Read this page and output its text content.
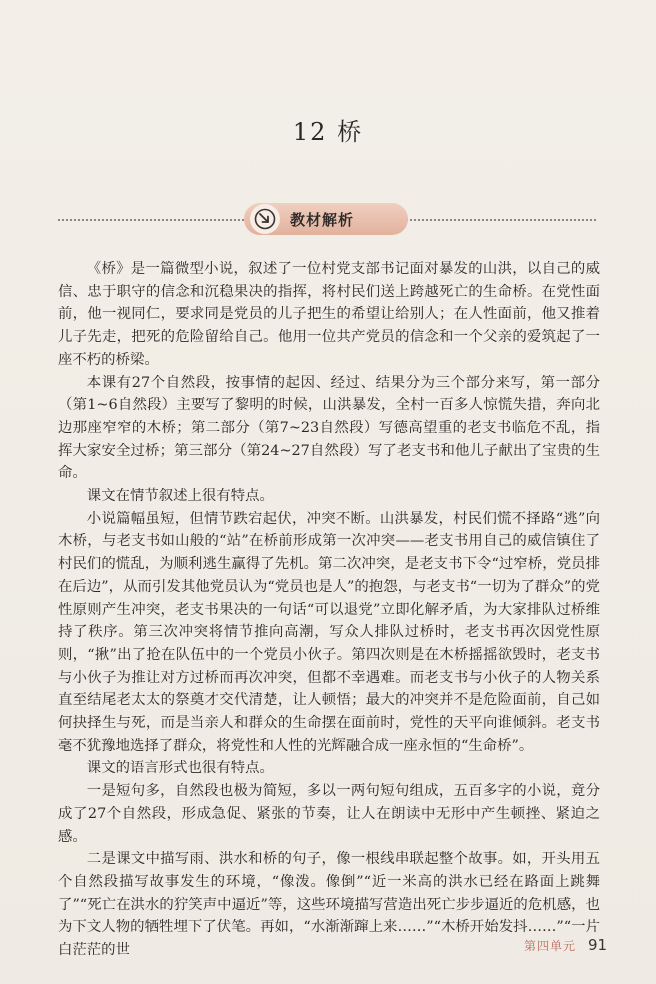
12 桥
教材解析

《桥》是一篇微型小说，叙述了一位村党支部书记面对暴发的山洪，以自己的威信、忠于职守的信念和沉稳果决的指挥，将村民们送上跨越死亡的生命桥。在党性面前，他一视同仁，要求同是党员的儿子把生的希望让给别人；在人性面前，他又推着儿子先走，把死的危险留给自己。他用一位共产党员的信念和一个父亲的爱筑起了一座不朽的桥梁。

本课有27个自然段，按事情的起因、经过、结果分为三个部分来写，第一部分（第1~6自然段）主要写了黎明的时候，山洪暴发，全村一百多人惊慌失措，奔向北边那座窄窄的木桥；第二部分（第7~23自然段）写德高望重的老支书临危不乱，指挥大家安全过桥；第三部分（第24~27自然段）写了老支书和他儿子献出了宝贵的生命。

课文在情节叙述上很有特点。

小说篇幅虽短，但情节跌宕起伏，冲突不断。山洪暴发，村民们慌不择路“逃”向木桥，与老支书如山般的“站”在桥前形成第一次冲突——老支书用自己的威信镇住了村民们的慌乱，为顺利逃生赢得了先机。第二次冲突，是老支书下令“过窄桥，党员排在后边”，从而引发其他党员认为“党员也是人”的抱怨，与老支书“一切为了群众”的党性原则产生冲突，老支书果决的一句话“可以退党”立即化解矛盾，为大家排队过桥维持了秩序。第三次冲突将情节推向高潮，写众人排队过桥时，老支书再次因党性原则，“揪”出了抢在队伍中的一个党员小伙子。第四次则是在木桥摇摇欲毁时，老支书与小伙子为推让对方过桥而再次冲突，但都不幸遇难。而老支书与小伙子的人物关系直至结尾老太太的祭奠才交代清楚，让人顿悟；最大的冲突并不是危险面前，自己如何抉择生与死，而是当亲人和群众的生命摆在面前时，党性的天平向谁倾斜。老支书毫不犹豫地选择了群众，将党性和人性的光辉融合成一座永恒的“生命桥”。

课文的语言形式也很有特点。

一是短句多，自然段也极为简短，多以一两句短句组成，五百多字的小说，竟分成了27个自然段，形成急促、紧张的节奏，让人在朗读中无形中产生顿挫、紧迫之感。

二是课文中描写雨、洪水和桥的句子，像一根线串联起整个故事。如，开头用五个自然段描写故事发生的环境，“像泼。像倒”“近一米高的洪水已经在路面上跳舞了”“死亡在洪水的狞笑声中逼近”等，这些环境描写营造出死亡步步逼近的危机感，也为下文人物的牺牲埋下了伏笔。再如，“水渐渐蹿上来……”“木桥开始发抖……”“一片白茫茫的世	第四单元 91
